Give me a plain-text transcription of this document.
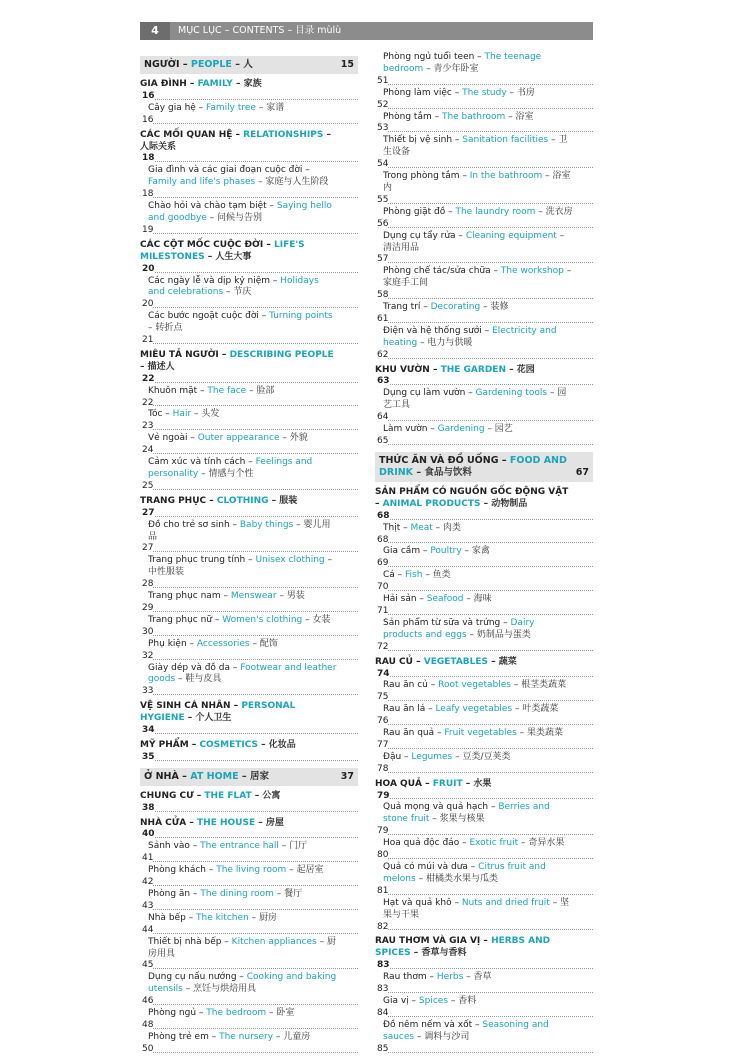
4	MỤC LỤC – CONTENTS – 目录 mùlù
NGƯỜI – PEOPLE – 人	15
GIA ĐÌNH – FAMILY – 家族
16
Cây gia hệ – Family tree – 家谱
16
CÁC MỐI QUAN HỆ – RELATIONSHIPS – 人际关系
18
Gia đình và các giai đoạn cuộc đời – Family and life's phases – 家庭与人生阶段
18
Chào hỏi và chào tạm biệt – Saying hello and goodbye – 问候与告别
19
CÁC CỘT MỐC CUỘC ĐỜI – LIFE'S MILESTONES – 人生大事
20
Các ngày lễ và dịp kỷ niệm – Holidays and celebrations – 节庆
20
Các bước ngoặt cuộc đời – Turning points – 转折点
21
MIÊU TẢ NGƯỜI – DESCRIBING PEOPLE – 描述人
22
Khuôn mặt – The face – 脸部
22
Tóc – Hair – 头发
23
Vẻ ngoài – Outer appearance – 外貌
24
Cảm xúc và tính cách – Feelings and personality – 情感与个性
25
TRANG PHỤC – CLOTHING – 服装
27
Đồ cho trẻ sơ sinh – Baby things – 婴儿用品
27
Trang phục trung tính – Unisex clothing – 中性服装
28
Trang phục nam – Menswear – 男装
29
Trang phục nữ – Women's clothing – 女装
30
Phụ kiện – Accessories – 配饰
32
Giày dép và đồ da – Footwear and leather goods – 鞋与皮具
33
VỆ SINH CÁ NHÂN – PERSONAL HYGIENE – 个人卫生
34
MỸ PHẨM – COSMETICS – 化妆品
35
Ở NHÀ – AT HOME – 居家	37
CHUNG CƯ – THE FLAT – 公寓
38
NHÀ CỬA – THE HOUSE – 房屋
40
Sảnh vào – The entrance hall – 门厅
41
Phòng khách – The living room – 起居室
42
Phòng ăn – The dining room – 餐厅
43
Nhà bếp – The kitchen – 厨房
44
Thiết bị nhà bếp – Kitchen appliances – 厨房用具
45
Dụng cụ nấu nướng – Cooking and baking utensils – 烹饪与烘焙用具
46
Phòng ngủ – The bedroom – 卧室
48
Phòng trẻ em – The nursery – 儿童房
50
Phòng ngủ tuổi teen – The teenage bedroom – 青少年卧室
51
Phòng làm việc – The study – 书房
52
Phòng tắm – The bathroom – 浴室
53
Thiết bị vệ sinh – Sanitation facilities – 卫生设备
54
Trong phòng tắm – In the bathroom – 浴室内
55
Phòng giặt đồ – The laundry room – 洗衣房
56
Dụng cụ tẩy rửa – Cleaning equipment – 清洁用品
57
Phòng chế tác/sửa chữa – The workshop – 家庭手工间
58
Trang trí – Decorating – 装修
61
Điện và hệ thống sưởi – Electricity and heating – 电力与供暖
62
KHU VƯỜN – THE GARDEN – 花园
63
Dụng cụ làm vườn – Gardening tools – 园艺工具
64
Làm vườn – Gardening – 园艺
65
THỨC ĂN VÀ ĐỒ UỐNG – FOOD AND DRINK – 食品与饮料	67
SẢN PHẨM CÓ NGUỒN GỐC ĐỘNG VẬT – ANIMAL PRODUCTS – 动物制品
68
Thịt – Meat – 肉类
68
Gia cầm – Poultry – 家禽
69
Cá – Fish – 鱼类
70
Hải sản – Seafood – 海味
71
Sản phẩm từ sữa và trứng – Dairy products and eggs – 奶制品与蛋类
72
RAU CỦ – VEGETABLES – 蔬菜
74
Rau ăn củ – Root vegetables – 根茎类蔬菜
75
Rau ăn lá – Leafy vegetables – 叶类蔬菜
76
Rau ăn quả – Fruit vegetables – 果类蔬菜
77
Đậu – Legumes – 豆类/豆荚类
78
HOA QUẢ – FRUIT – 水果
79
Quả mọng và quả hạch – Berries and stone fruit – 浆果与核果
79
Hoa quả độc đáo – Exotic fruit – 奇异水果
80
Quả có múi và dưa – Citrus fruit and melons – 柑橘类水果与瓜类
81
Hạt và quả khô – Nuts and dried fruit – 坚果与干果
82
RAU THƠM VÀ GIA VỊ – HERBS AND SPICES – 香草与香料
83
Rau thơm – Herbs – 香草
83
Gia vị – Spices – 香料
84
Đồ nêm nếm và xốt – Seasoning and sauces – 调料与沙司
85
